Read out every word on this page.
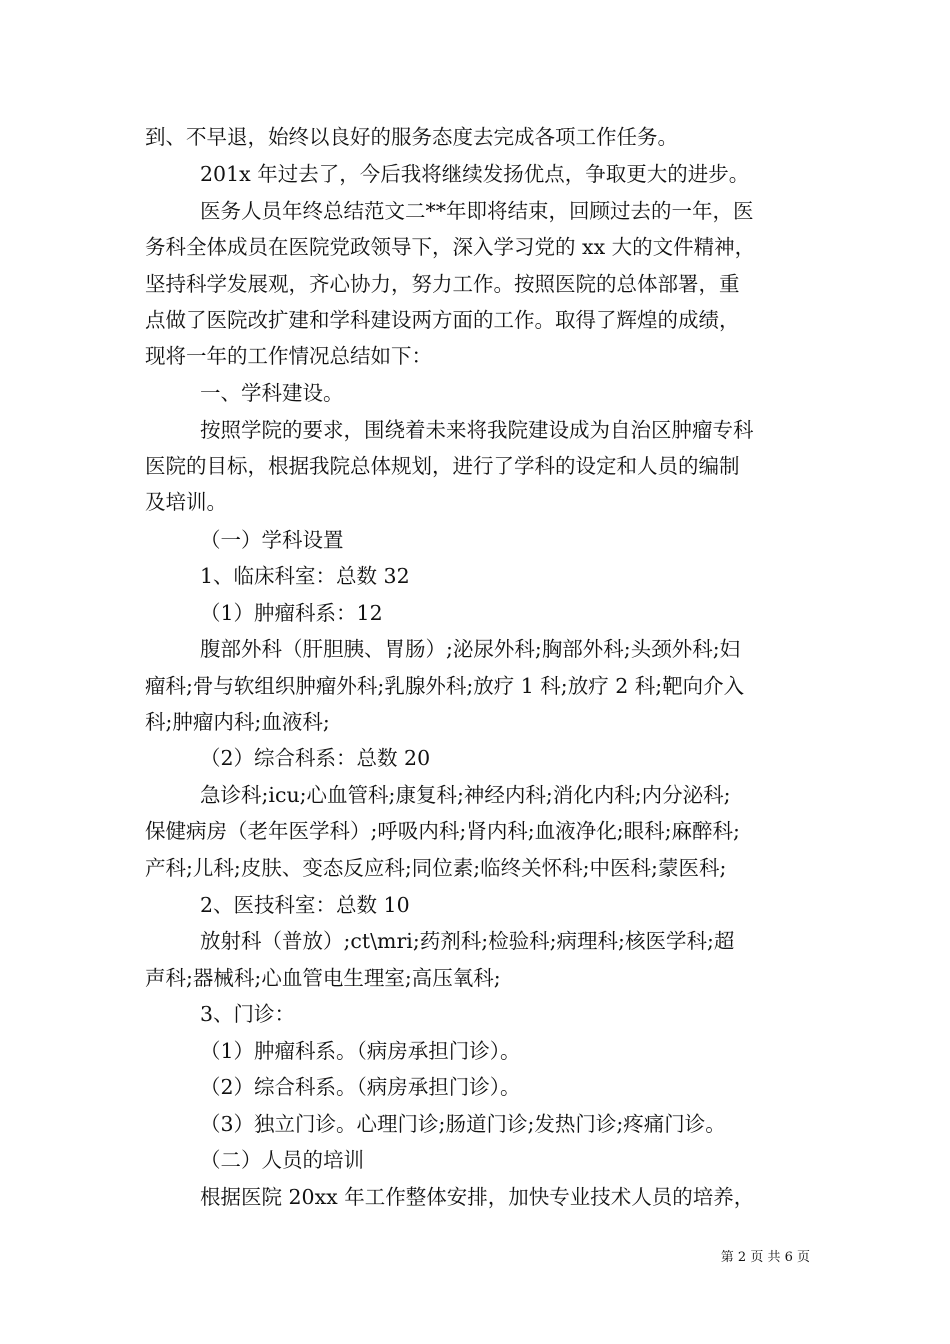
到、不早退，始终以良好的服务态度去完成各项工作任务。
201x 年过去了，今后我将继续发扬优点，争取更大的进步。
医务人员年终总结范文二**年即将结束，回顾过去的一年，医
务科全体成员在医院党政领导下，深入学习党的 xx 大的文件精神，
坚持科学发展观，齐心协力，努力工作。按照医院的总体部署，重
点做了医院改扩建和学科建设两方面的工作。取得了辉煌的成绩，
现将一年的工作情况总结如下：
一、学科建设。
按照学院的要求，围绕着未来将我院建设成为自治区肿瘤专科
医院的目标，根据我院总体规划，进行了学科的设定和人员的编制
及培训。
（一）学科设置
1、临床科室：总数 32
（1）肿瘤科系：12
腹部外科（肝胆胰、胃肠）;泌尿外科;胸部外科;头颈外科;妇
瘤科;骨与软组织肿瘤外科;乳腺外科;放疗 1 科;放疗 2 科;靶向介入
科;肿瘤内科;血液科;
（2）综合科系：总数 20
急诊科;icu;心血管科;康复科;神经内科;消化内科;内分泌科;
保健病房（老年医学科）;呼吸内科;肾内科;血液净化;眼科;麻醉科;
产科;儿科;皮肤、变态反应科;同位素;临终关怀科;中医科;蒙医科;
2、医技科室：总数 10
放射科（普放）;ct\mri;药剂科;检验科;病理科;核医学科;超
声科;器械科;心血管电生理室;高压氧科;
3、门诊：
（1）肿瘤科系。（病房承担门诊）。
（2）综合科系。（病房承担门诊）。
（3）独立门诊。心理门诊;肠道门诊;发热门诊;疼痛门诊。
（二）人员的培训
根据医院 20xx 年工作整体安排，加快专业技术人员的培养，
第 2 页 共 6 页
